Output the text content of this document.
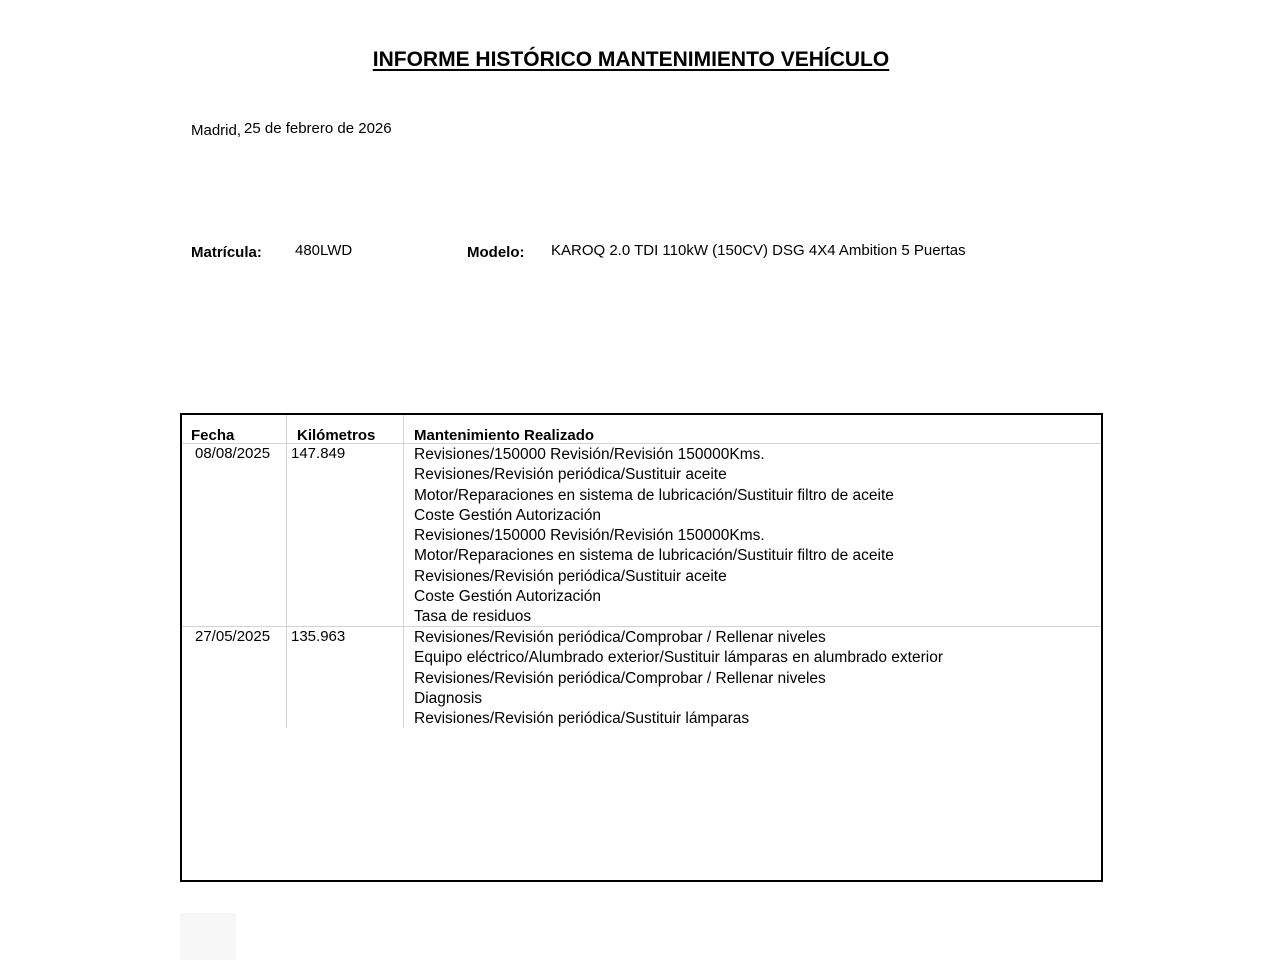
INFORME HISTÓRICO MANTENIMIENTO VEHÍCULO
Madrid, 25 de febrero de 2026
Matrícula: 480LWD	Modelo: KAROQ 2.0 TDI 110kW (150CV) DSG 4X4 Ambition 5 Puertas
Fecha	Kilómetros	Mantenimiento Realizado
08/08/2025 147.849	Revisiones/150000 Revisión/Revisión 150000Kms.
Revisiones/Revisión periódica/Sustituir aceite
Motor/Reparaciones en sistema de lubricación/Sustituir filtro de aceite
Coste Gestión Autorización
Revisiones/150000 Revisión/Revisión 150000Kms.
Motor/Reparaciones en sistema de lubricación/Sustituir filtro de aceite
Revisiones/Revisión periódica/Sustituir aceite
Coste Gestión Autorización
Tasa de residuos
27/05/2025 135.963	Revisiones/Revisión periódica/Comprobar / Rellenar niveles
Equipo eléctrico/Alumbrado exterior/Sustituir lámparas en alumbrado exterior
Revisiones/Revisión periódica/Comprobar / Rellenar niveles
Diagnosis
Revisiones/Revisión periódica/Sustituir lámparas
